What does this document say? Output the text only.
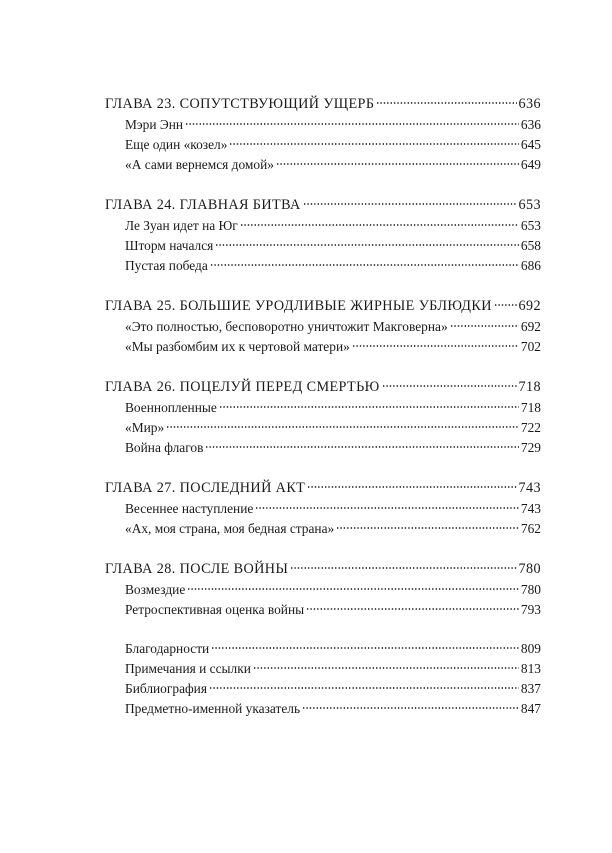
ГЛАВА 23. СОПУТСТВУЮЩИЙ УЩЕРБ	636
Мэри Энн	636
Еще один «козел»	645
«А сами вернемся домой»	649
ГЛАВА 24. ГЛАВНАЯ БИТВА	653
Ле Зуан идет на Юг	653
Шторм начался	658
Пустая победа	686
ГЛАВА 25. БОЛЬШИЕ УРОДЛИВЫЕ ЖИРНЫЕ УБЛЮДКИ 692
«Это полностью, бесповоротно уничтожит Макговерна»	692
«Мы разбомбим их к чертовой матери»	702
ГЛАВА 26. ПОЦЕЛУЙ ПЕРЕД СМЕРТЬЮ	718
Военнопленные	718
«Мир»	722
Война флагов	729
ГЛАВА 27. ПОСЛЕДНИЙ АКТ	743
Весеннее наступление	743
«Ах, моя страна, моя бедная страна»	762
ГЛАВА 28. ПОСЛЕ ВОЙНЫ	780
Возмездие	780
Ретроспективная оценка войны	793
Благодарности	809
Примечания и ссылки	813
Библиография	837
Предметно-именной указатель	847
